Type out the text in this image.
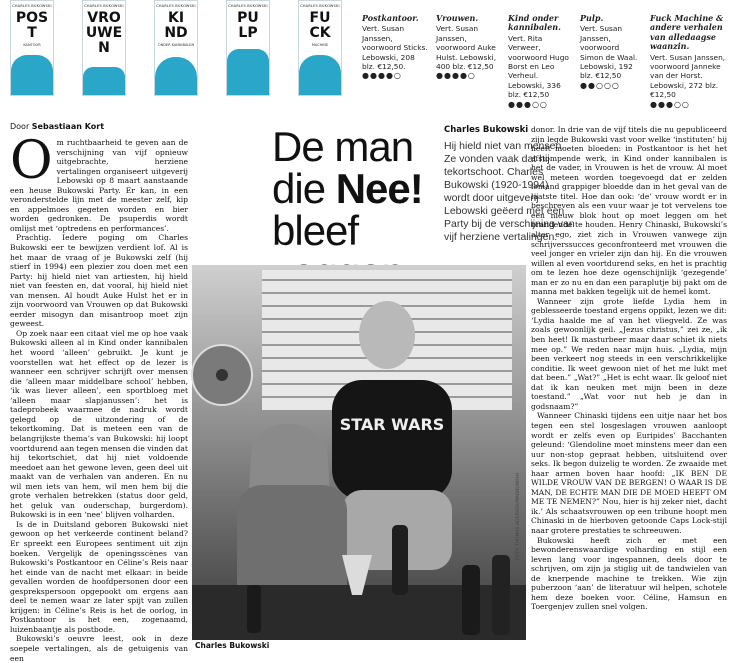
CHARLES BUKOWSKI
POS T
KANTOOR
CHARLES BUKOWSKI
VRO UWE N
CHARLES BUKOWSKI
KI ND
ONDER KANNIBALEN
CHARLES BUKOWSKI
PU LP
CHARLES BUKOWSKI
FU CK
MACHINE
Postkantoor.
Vert. Susan Janssen, voorwoord Sticks. Lebowski, 208 blz. €12,50.
●●●●○
Vrouwen.
Vert. Susan Janssen, voorwoord Auke Hulst. Lebowski, 400 blz. €12,50
●●●●○
Kind onder kannibalen.
Vert. Rita Verweer, voorwoord Hugo Borst en Leo Verheul. Lebowski, 336 blz. €12,50
●●●○○
Pulp.
Vert. Susan Janssen, voorwoord Simon de Waal. Lebowski, 192 blz. €12,50
●●○○○
Fuck Machine & andere verhalen van alledaagse waanzin.
Vert. Susan Janssen, voorwoord Janneke van der Horst. Lebowski, 272 blz. €12,50
●●●○○
Door Sebastiaan Kort

Om ruchtbaarheid te geven aan de verschijning van vijf opnieuw uitgebrachte, herziene vertalingen organiseert uitgeverij Lebowski op 8 maart aanstaande een heuse Bukowski Party. Er kan, in een veronderstelde lijn met de meester zelf, kip en appelmoes gegeten worden en bier worden gedronken. De psuperdis wordt omlijst met ‘optredens en performances’.

Prachtig. Iedere poging om Charles Bukowski eer te bewijzen verdient lof. Al is het maar de vraag of je Bukowski zelf (hij stierf in 1994) een plezier zou doen met een Party: hij hield niet van artiesten, hij hield niet van feesten en, dat vooral, hij hield niet van mensen. Al houdt Auke Hulst het er in zijn voorwoord van Vrouwen op dat Bukowski eerder misogyn dan misantroop moet zijn geweest.

Op zoek naar een citaat viel me op hoe vaak Bukowski alleen al in Kind onder kannibalen het woord ‘alleen’ gebruikt. Je kunt je voorstellen wat het effect op de lezer is wanneer een schrijver schrijft over mensen die ‘alleen maar middelbare school’ hebben, ‘ik was liever alleen’, een sportbloeg met ‘alleen maar slapjanussen’: het is tadeprobeek waarmee de nadruk wordt gelegd op de uitzondering of de tekortkoming. Dat is meteen een van de belangrijkste thema’s van Bukowski: hij loopt voortdurend aan tegen mensen die vinden dat hij tekortschiet, dat hij niet voldoende meedoet aan het gewone leven, geen deel uit maakt van de verhalen van anderen. En nu wil men iets van hem, wil men hem bij die grote verhalen betrekken (status door geld, het geluk van ouderschap, burgerdom). Bukowski is in een ‘nee’ blijven volharden.

Is de in Duitsland geboren Bukowski niet gewoon op het verkeerde continent beland? Er spreekt een Europees sentiment uit zijn boeken. Vergelijk de openingsscènes van Bukowski’s Postkantoor en Céline’s Reis naar het einde van de nacht met elkaar: in beide gevallen worden de hoofdpersonen door een gesprekspersoon opgepookt om ergens aan deel te nemen waar ze later spijt van zullen krijgen: in Céline’s Reis is het de oorlog, in Postkantoor is het een, zogenaamd, luizenbaantje als postbode.

Bukowski’s oeuvre leest, ook in deze soepele vertalingen, als de getuigenis van een

De man
die Nee!
bleef
Charles Bukowski
Hij hield niet van mensen. Ze vonden vaak dat hij tekortschoot. Charles Bukowski (1920-1994) wordt door uitgeverij Lebowski geëerd met een Party bij de verschijning van vijf herziene vertalingen.
STAR WARS
Charles Bukowski
FOTO THOMAS HOEPKER/MAGNUM/HH

donor. In drie van de vijf titels die nu gepubliceerd zijn legde Bukowski vast voor welke ‘instituten’ hij heeft moeten bloeden: in Postkantoor is het het afstompende werk, in Kind onder kannibalen is het de vader, in Vrouwen is het de vrouw. Al moet wel meteen worden toegevoegd dat er zelden iemand grappiger bloedde dan in het geval van de laatste titel. Hoe dan ook: ‘de’ vrouw wordt er in beschreven als een vuur waar je tot vervelens toe een nieuw blok hout op moet leggen om het brandende te houden. Henry Chinaski, Bukowski’s alter ego, ziet zich in Vrouwen vanwege zijn schrijverssucces geconfronteerd met vrouwen die veel jonger en vrieler zijn dan hij. En die vrouwen willen al even voortdurend seks, en het is prachtig om te lezen hoe deze ogenschijnlijk ‘gezegende’ man er zo nu en dan een paraplutje bij pakt om de manna met bakken tegelijk uit de hemel komt.

Wanneer zijn grote liefde Lydia hem in geblesseerde toestand ergens oppikt, lezen we dit: ‘Lydia haalde me af van het vliegveld. Ze was zoals gewoonlijk geil. „Jezus christus,” zei ze, „ik ben heet! Ik masturbeer maar daar schiet ik niets mee op.” We reden naar mijn huis. „Lydia, mijn been verkeert nog steeds in een verschrikkelijke conditie. Ik weet gewoon niet of het me lukt met dat been.” „Wat?” „Het is echt waar. Ik geloof niet dat ik kan neuken met mijn been in deze toestand.” „Wat voor nut heb je dan in godsnaam?”

Wanneer Chinaski tijdens een uitje naar het bos tegen een stel losgeslagen vrouwen aanloopt wordt er zelfs even op Euripides’ Bacchanten geleund: ‘Glendoline moet minstens meer dan een uur non-stop gepraat hebben, uitsluitend over seks. Ik begon duizelig te worden. Ze zwaaide met haar armen boven haar hoofd: „IK BEN DE WILDE VROUW VAN DE BERGEN! O WAAR IS DE MAN, DE ECHTE MAN DIE DE MOED HEEFT OM ME TE NEMEN?” Nou, hier is hij zeker niet, dacht ik.’ Als schaatsvrouwen op een tribune hoopt men Chinaski in de hierboven getoonde Caps Lock-stijl naar grotere prestaties te schreeuwen.

Bukowski heeft zich er met een bewonderenswaardige volharding en stijl een leven lang voor ingespannen, deels door te schrijven, om zijn ja stiglig uit de tandwielen van de knerpende machine te trekken. Wie zijn puberzoon ‘aan’ de literatuur wil helpen, schotele hem deze boeken voor. Céline, Hamsun en Toergenjev zullen snel volgen.
